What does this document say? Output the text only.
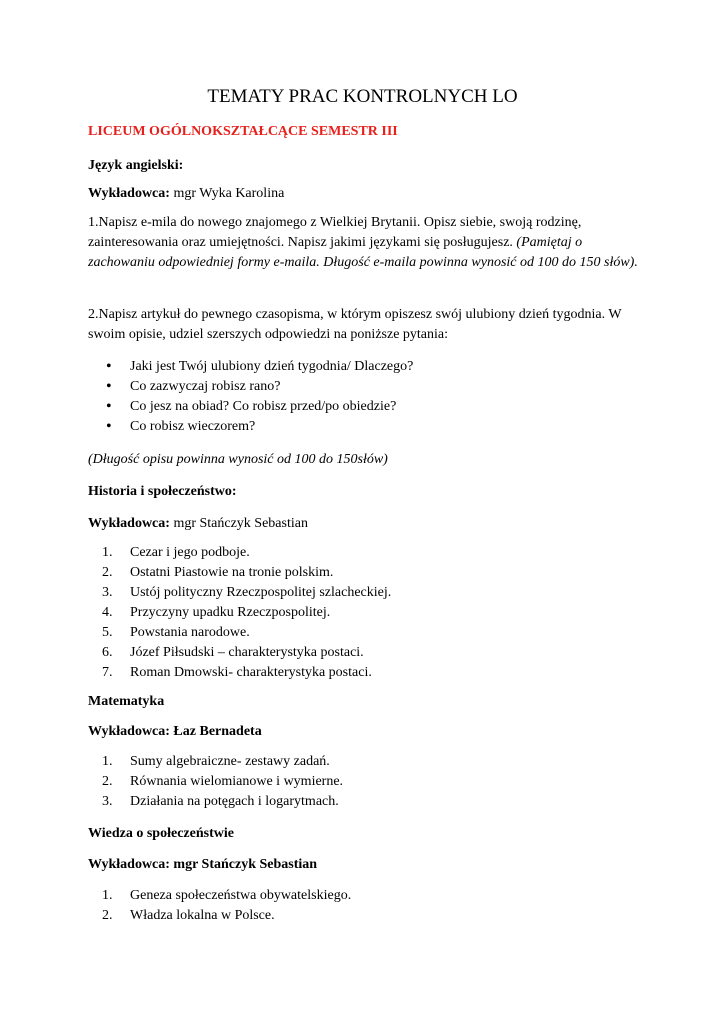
TEMATY PRAC KONTROLNYCH LO
LICEUM OGÓLNOKSZTAŁCĄCE SEMESTR III
Język angielski:
Wykładowca: mgr Wyka Karolina
1.Napisz e-mila do nowego znajomego z Wielkiej Brytanii. Opisz siebie, swoją rodzinę, zainteresowania oraz umiejętności. Napisz jakimi językami się posługujesz. (Pamiętaj o zachowaniu odpowiedniej formy e-maila. Długość e-maila powinna wynosić od 100 do 150 słów).
2.Napisz artykuł do pewnego czasopisma, w którym opiszesz swój ulubiony dzień tygodnia. W swoim opisie, udziel szerszych odpowiedzi na poniższe pytania:
• Jaki jest Twój ulubiony dzień tygodnia/ Dlaczego?
• Co zazwyczaj robisz rano?
• Co jesz na obiad? Co robisz przed/po obiedzie?
• Co robisz wieczorem?
(Długość opisu powinna wynosić od 100 do 150słów)
Historia i społeczeństwo:
Wykładowca: mgr Stańczyk Sebastian
1. Cezar i jego podboje.
2. Ostatni Piastowie na tronie polskim.
3. Ustój polityczny Rzeczpospolitej szlacheckiej.
4. Przyczyny upadku Rzeczpospolitej.
5. Powstania narodowe.
6. Józef Piłsudski – charakterystyka postaci.
7. Roman Dmowski- charakterystyka postaci.
Matematyka
Wykładowca: Łaz Bernadeta
1. Sumy algebraiczne- zestawy zadań.
2. Równania wielomianowe i wymierne.
3. Działania na potęgach i logarytmach.
Wiedza o społeczeństwie
Wykładowca: mgr Stańczyk Sebastian
1. Geneza społeczeństwa obywatelskiego.
2. Władza lokalna w Polsce.
